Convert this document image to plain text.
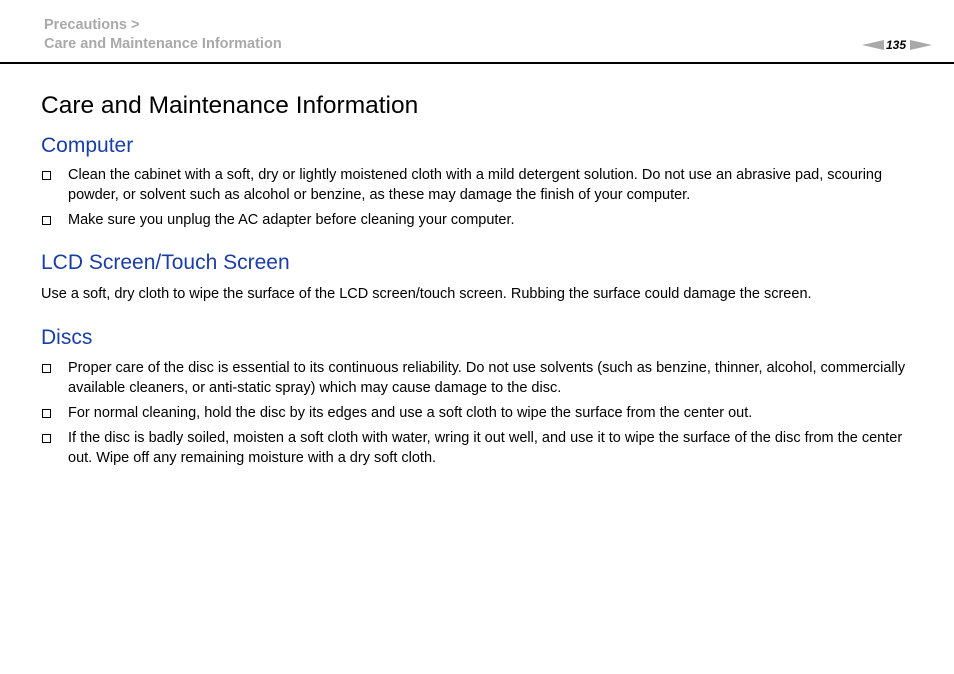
Precautions >
Care and Maintenance Information	135
Care and Maintenance Information
Computer
Clean the cabinet with a soft, dry or lightly moistened cloth with a mild detergent solution. Do not use an abrasive pad, scouring powder, or solvent such as alcohol or benzine, as these may damage the finish of your computer.
Make sure you unplug the AC adapter before cleaning your computer.
LCD Screen/Touch Screen

Use a soft, dry cloth to wipe the surface of the LCD screen/touch screen. Rubbing the surface could damage the screen.

Discs
Proper care of the disc is essential to its continuous reliability. Do not use solvents (such as benzine, thinner, alcohol, commercially available cleaners, or anti-static spray) which may cause damage to the disc.
For normal cleaning, hold the disc by its edges and use a soft cloth to wipe the surface from the center out.
If the disc is badly soiled, moisten a soft cloth with water, wring it out well, and use it to wipe the surface of the disc from the center out. Wipe off any remaining moisture with a dry soft cloth.
